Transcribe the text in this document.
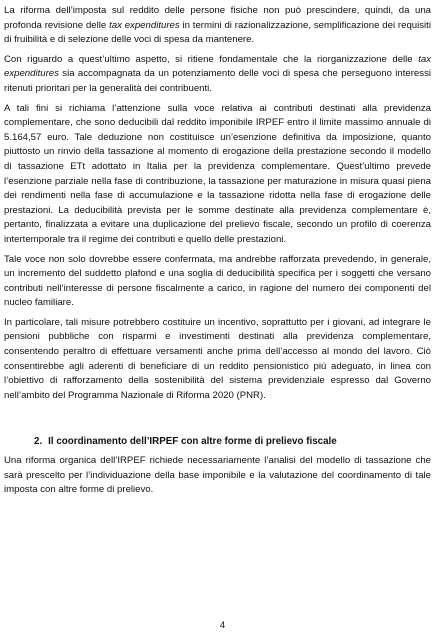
La riforma dell’imposta sul reddito delle persone fisiche non può prescindere, quindi, da una profonda revisione delle tax expenditures in termini di razionalizzazione, semplificazione dei requisiti di fruibilità e di selezione delle voci di spesa da mantenere.

Con riguardo a quest’ultimo aspetto, si ritiene fondamentale che la riorganizzazione delle tax expenditures sia accompagnata da un potenziamento delle voci di spesa che perseguono interessi ritenuti prioritari per la generalità dei contribuenti.

A tali fini si richiama l’attenzione sulla voce relativa ai contributi destinati alla previdenza complementare, che sono deducibili dal reddito imponibile IRPEF entro il limite massimo annuale di 5.164,57 euro. Tale deduzione non costituisce un’esenzione definitiva da imposizione, quanto piuttosto un rinvio della tassazione al momento di erogazione della prestazione secondo il modello di tassazione ETt adottato in Italia per la previdenza complementare. Quest’ultimo prevede l’esenzione parziale nella fase di contribuzione, la tassazione per maturazione in misura quasi piena dei rendimenti nella fase di accumulazione e la tassazione ridotta nella fase di erogazione delle prestazioni. La deducibilità prevista per le somme destinate alla previdenza complementare è, pertanto, finalizzata a evitare una duplicazione del prelievo fiscale, secondo un profilo di coerenza intertemporale tra il regime dei contributi e quello delle prestazioni.

Tale voce non solo dovrebbe essere confermata, ma andrebbe rafforzata prevedendo, in generale, un incremento del suddetto plafond e una soglia di deducibilità specifica per i soggetti che versano contributi nell’interesse di persone fiscalmente a carico, in ragione del numero dei componenti del nucleo familiare.

In particolare, tali misure potrebbero costituire un incentivo, soprattutto per i giovani, ad integrare le pensioni pubbliche con risparmi e investimenti destinati alla previdenza complementare, consentendo peraltro di effettuare versamenti anche prima dell’accesso al mondo del lavoro. Ciò consentirebbe agli aderenti di beneficiare di un reddito pensionistico più adeguato, in linea con l’obiettivo di rafforzamento della sostenibilità del sistema previdenziale espresso dal Governo nell’ambito del Programma Nazionale di Riforma 2020 (PNR).

2. Il coordinamento dell’IRPEF con altre forme di prelievo fiscale

Una riforma organica dell’IRPEF richiede necessariamente l’analisi del modello di tassazione che sarà prescelto per l’individuazione della base imponibile e la valutazione del coordinamento di tale imposta con altre forme di prelievo.

4
